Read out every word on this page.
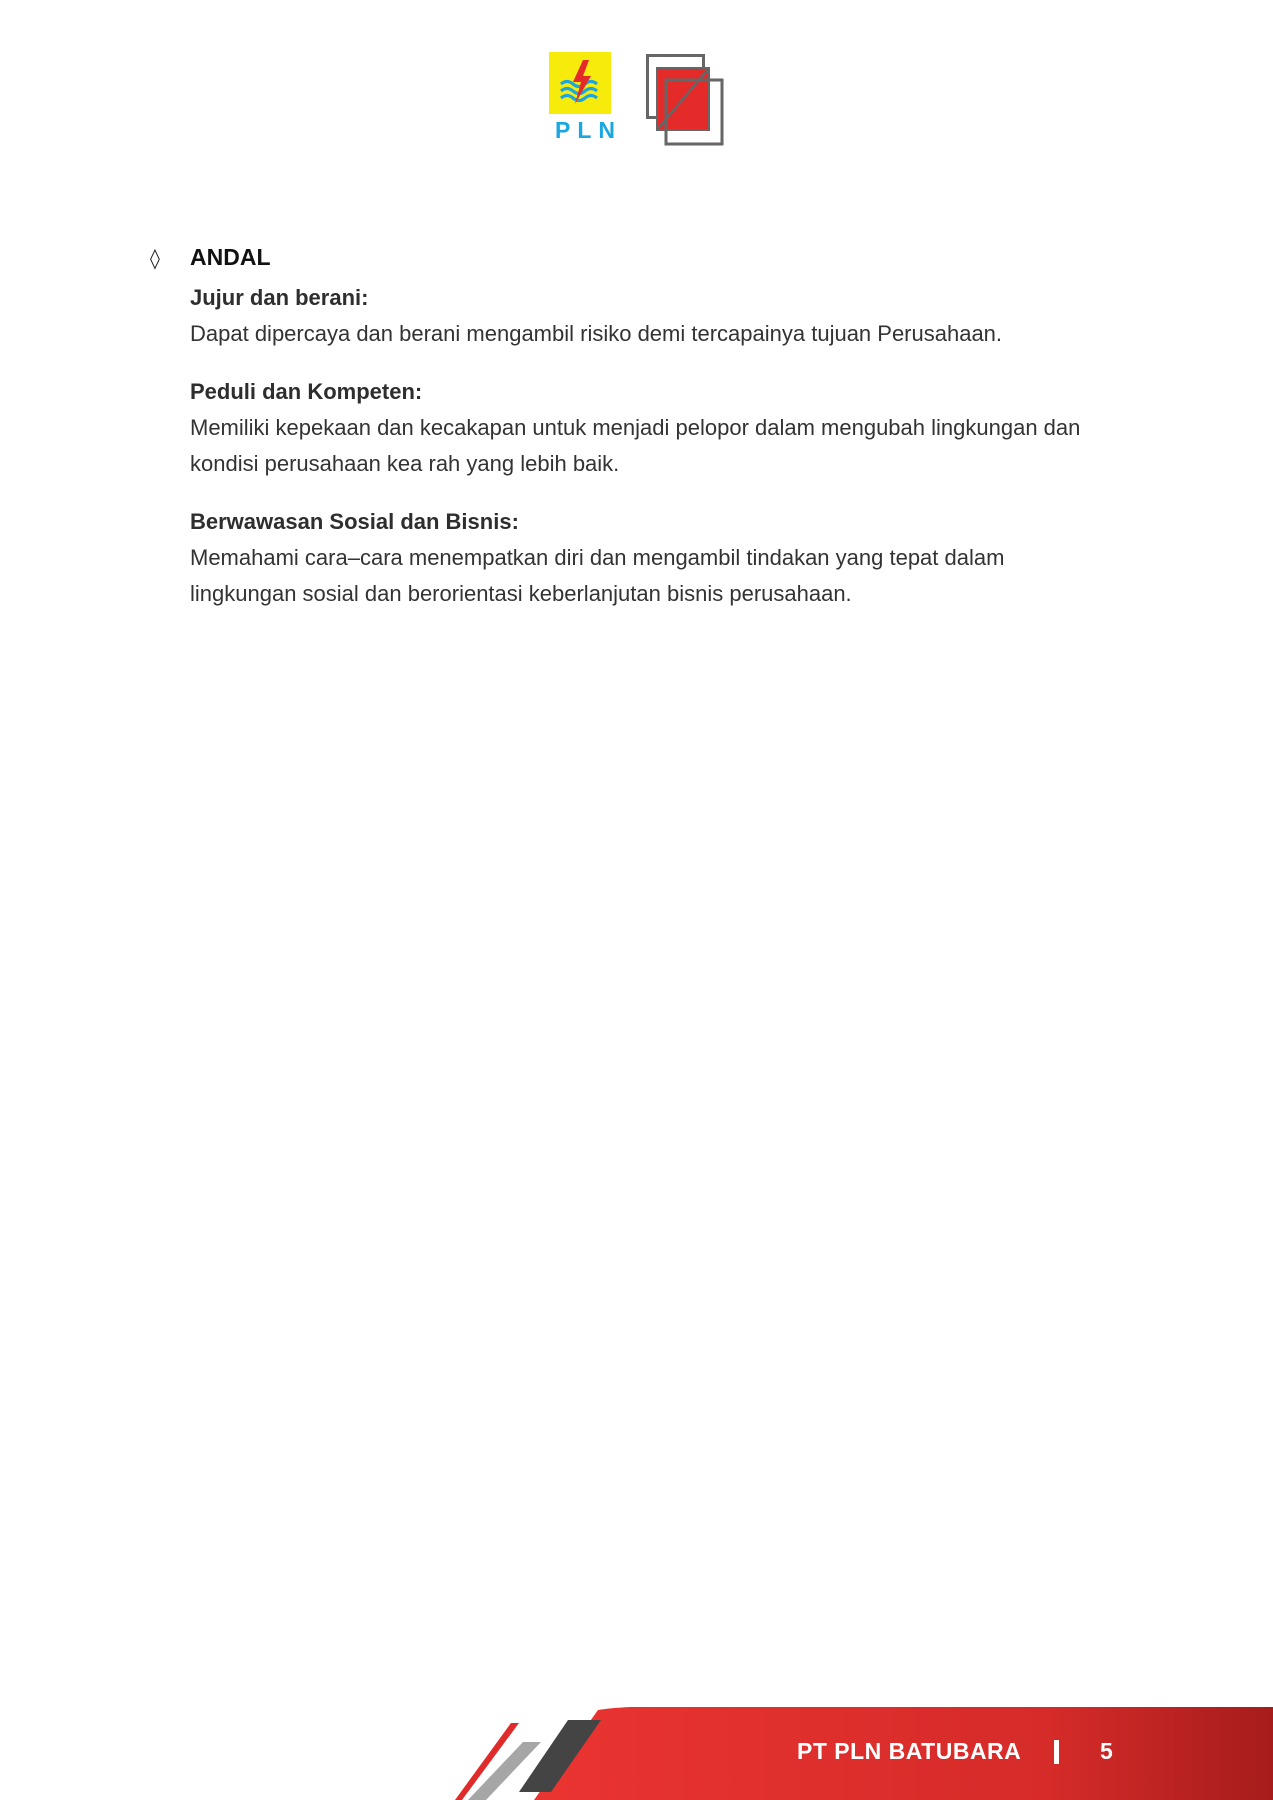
PLN
◊	ANDAL
Jujur dan berani:
Dapat dipercaya dan berani mengambil risiko demi tercapainya tujuan Perusahaan.
Peduli dan Kompeten:
Memiliki kepekaan dan kecakapan untuk menjadi pelopor dalam mengubah lingkungan dan kondisi perusahaan kea rah yang lebih baik.
Berwawasan Sosial dan Bisnis:
Memahami cara–cara menempatkan diri dan mengambil tindakan yang tepat dalam lingkungan sosial dan berorientasi keberlanjutan bisnis perusahaan.
PT PLN BATUBARA	5
